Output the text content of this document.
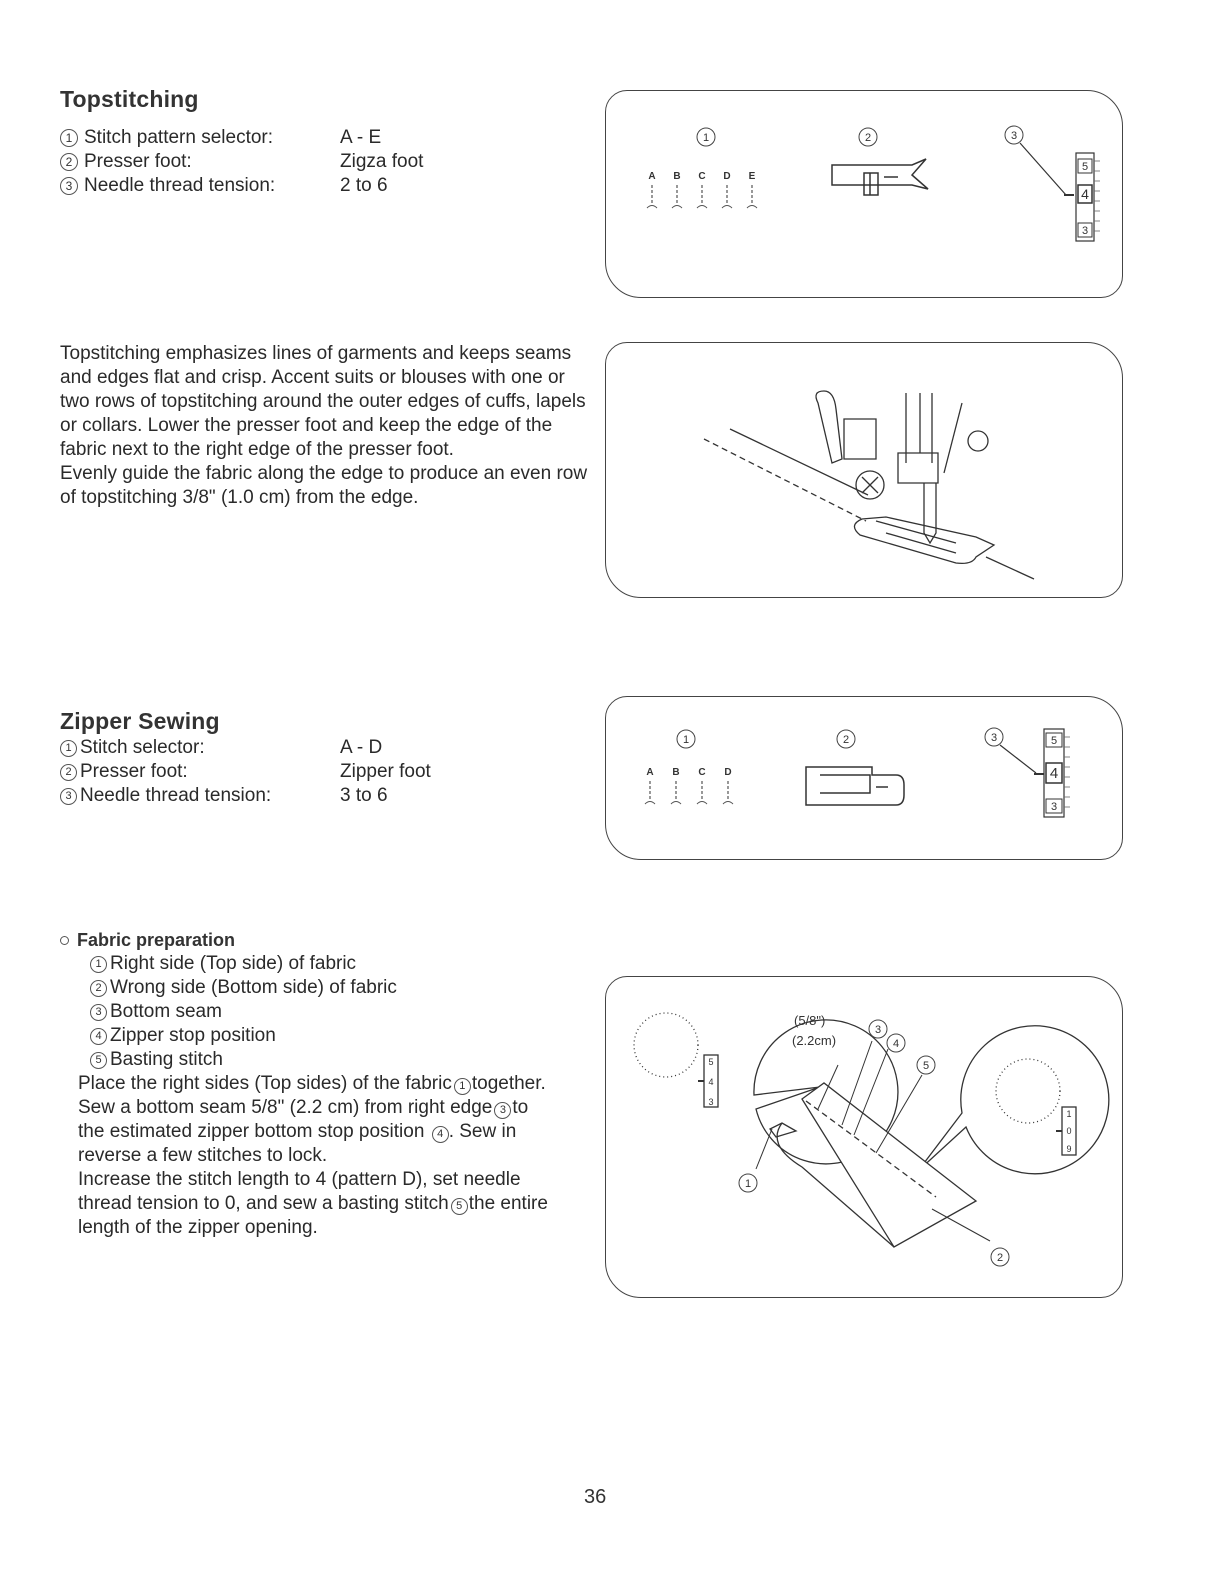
Topstitching
1 Stitch pattern selector:	A - E
2 Presser foot:	Zigza foot
3 Needle thread tension:	2 to 6
1	2	3
A B C D E
5
4
3

Topstitching emphasizes lines of garments and keeps seams and edges flat and crisp. Accent suits or blouses with one or two rows of topstitching around the outer edges of cuffs, lapels or collars. Lower the presser foot and keep the edge of the fabric next to the right edge of the presser foot.

Evenly guide the fabric along the edge to produce an even row of topstitching 3/8" (1.0 cm) from the edge.

Zipper Sewing
1 Stitch selector:	A - D
2 Presser foot:	Zipper foot
3 Needle thread tension:	3 to 6
1	2	3
A B C D
5
4
3
Fabric preparation
1 Right side (Top side) of fabric
2 Wrong side (Bottom side) of fabric
3 Bottom seam
4 Zipper stop position
5 Basting stitch
Place the right sides (Top sides) of the fabric 1 together.
Sew a bottom seam 5/8" (2.2 cm) from right edge 3 to
the estimated zipper bottom stop position 4 . Sew in
reverse a few stitches to lock.
Increase the stitch length to 4 (pattern D), set needle
thread tension to 0, and sew a basting stitch 5 the entire
length of the zipper opening.
5
4
3
1
0
9
(5/8")
(2.2cm)
1
2
3
4
5
36
